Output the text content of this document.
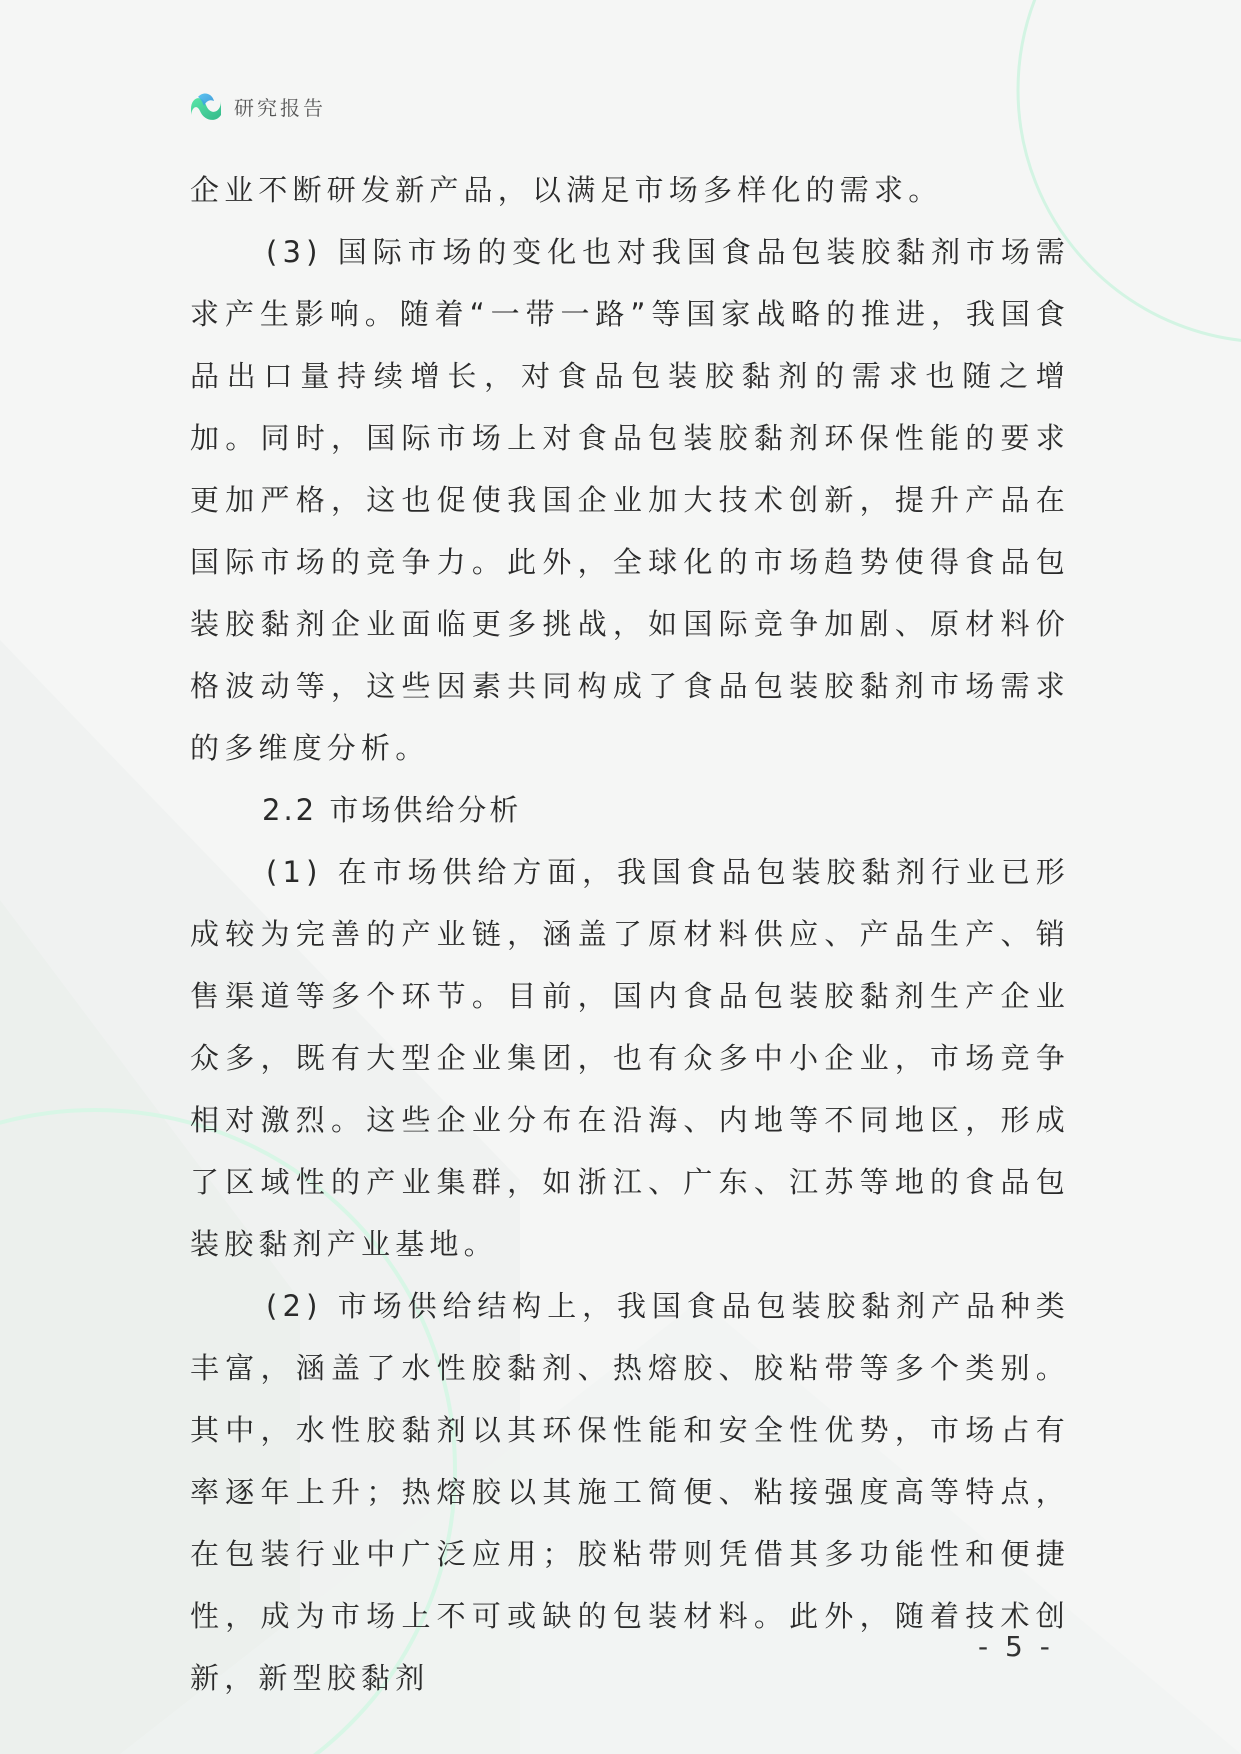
研究报告

企业不断研发新产品，以满足市场多样化的需求。

(3) 国际市场的变化也对我国食品包装胶黏剂市场需求产生影响。随着“一带一路”等国家战略的推进，我国食品出口量持续增长，对食品包装胶黏剂的需求也随之增加。同时，国际市场上对食品包装胶黏剂环保性能的要求更加严格，这也促使我国企业加大技术创新，提升产品在国际市场的竞争力。此外，全球化的市场趋势使得食品包装胶黏剂企业面临更多挑战，如国际竞争加剧、原材料价格波动等，这些因素共同构成了食品包装胶黏剂市场需求的多维度分析。

2.2 市场供给分析

(1) 在市场供给方面，我国食品包装胶黏剂行业已形成较为完善的产业链，涵盖了原材料供应、产品生产、销售渠道等多个环节。目前，国内食品包装胶黏剂生产企业众多，既有大型企业集团，也有众多中小企业，市场竞争相对激烈。这些企业分布在沿海、内地等不同地区，形成了区域性的产业集群，如浙江、广东、江苏等地的食品包装胶黏剂产业基地。

(2) 市场供给结构上，我国食品包装胶黏剂产品种类丰富，涵盖了水性胶黏剂、热熔胶、胶粘带等多个类别。其中，水性胶黏剂以其环保性能和安全性优势，市场占有率逐年上升；热熔胶以其施工简便、粘接强度高等特点，在包装行业中广泛应用；胶粘带则凭借其多功能性和便捷性，成为市场上不可或缺的包装材料。此外，随着技术创新，新型胶黏剂

- 5 -
